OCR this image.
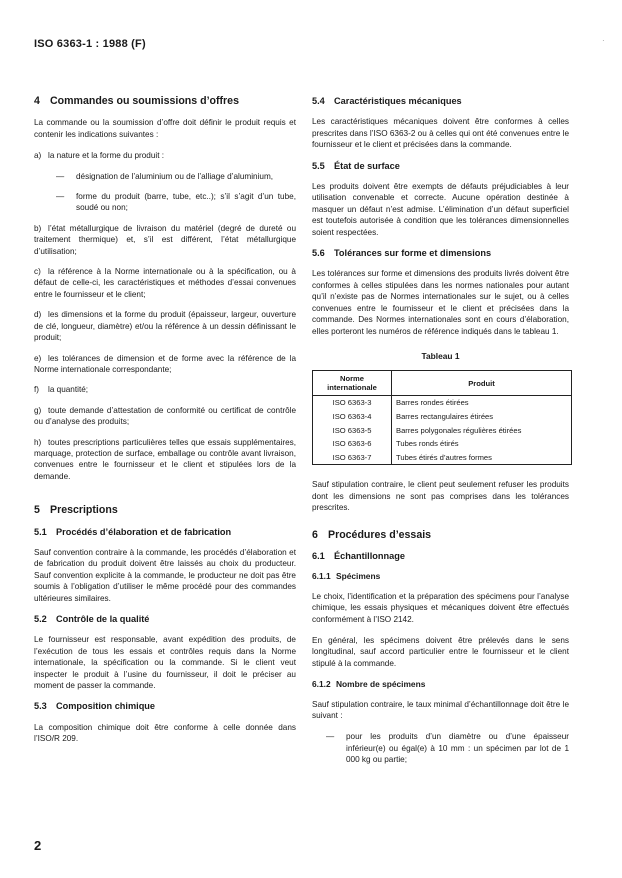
ISO 6363-1 : 1988 (F)	·
4 Commandes ou soumissions d’offres

La commande ou la soumission d’offre doit définir le produit requis et contenir les indications suivantes :

a) la nature et la forme du produit :
—	désignation de l’aluminium ou de l’alliage d’aluminium,
—	forme du produit (barre, tube, etc..); s’il s’agit d’un tube, soudé ou non;
b) l’état métallurgique de livraison du matériel (degré de dureté ou traitement thermique) et, s’il est différent, l’état métallurgique d’utilisation;
c) la référence à la Norme internationale ou à la spécification, ou à défaut de celle-ci, les caractéristiques et méthodes d’essai convenues entre le fournisseur et le client;
d) les dimensions et la forme du produit (épaisseur, largeur, ouverture de clé, longueur, diamètre) et/ou la référence à un dessin définissant le produit;
e) les tolérances de dimension et de forme avec la référence de la Norme internationale correspondante;
f) la quantité;
g) toute demande d’attestation de conformité ou certificat de contrôle ou d’analyse des produits;
h) toutes prescriptions particulières telles que essais supplémentaires, marquage, protection de surface, emballage ou contrôle avant livraison, convenues entre le fournisseur et le client et stipulées lors de la demande.
5 Prescriptions
5.1 Procédés d’élaboration et de fabrication

Sauf convention contraire à la commande, les procédés d’élaboration et de fabrication du produit doivent être laissés au choix du producteur. Sauf convention explicite à la commande, le producteur ne doit pas être soumis à l’obligation d’utiliser le même procédé pour des commandes ultérieures similaires.

5.2 Contrôle de la qualité

Le fournisseur est responsable, avant expédition des produits, de l’exécution de tous les essais et contrôles requis dans la Norme internationale, la spécification ou la commande. Si le client veut inspecter le produit à l’usine du fournisseur, il doit le préciser au moment de passer la commande.

5.3 Composition chimique

La composition chimique doit être conforme à celle donnée dans l’ISO/R 209.

5.4 Caractéristiques mécaniques

Les caractéristiques mécaniques doivent être conformes à celles prescrites dans l’ISO 6363-2 ou à celles qui ont été convenues entre le fournisseur et le client et précisées dans la commande.

5.5 État de surface

Les produits doivent être exempts de défauts préjudiciables à leur utilisation convenable et correcte. Aucune opération destinée à masquer un défaut n’est admise. L’élimination d’un défaut superficiel est toutefois autorisée à condition que les tolérances dimensionnelles soient respectées.

5.6 Tolérances sur forme et dimensions

Les tolérances sur forme et dimensions des produits livrés doivent être conformes à celles stipulées dans les normes nationales pour autant qu’il n’existe pas de Normes internationales sur le sujet, ou à celles convenues entre le fournisseur et le client et précisées dans la commande. Des Normes internationales sont en cours d’élaboration, elles porteront les numéros de référence indiqués dans le tableau 1.

Tableau 1
Norme internationale	Produit
ISO 6363-3	Barres rondes étirées
ISO 6363-4	Barres rectangulaires étirées
ISO 6363-5	Barres polygonales régulières étirées
ISO 6363-6	Tubes ronds étirés
ISO 6363-7	Tubes étirés d’autres formes

Sauf stipulation contraire, le client peut seulement refuser les produits dont les dimensions ne sont pas comprises dans les tolérances prescrites.

6 Procédures d’essais
6.1 Échantillonnage
6.1.1 Spécimens

Le choix, l’identification et la préparation des spécimens pour l’analyse chimique, les essais physiques et mécaniques doivent être effectués conformément à l’ISO 2142.

En général, les spécimens doivent être prélevés dans le sens longitudinal, sauf accord particulier entre le fournisseur et le client stipulé à la commande.

6.1.2 Nombre de spécimens

Sauf stipulation contraire, le taux minimal d’échantillonnage doit être le suivant :

—	pour les produits d’un diamètre ou d’une épaisseur inférieur(e) ou égal(e) à 10 mm : un spécimen par lot de 1 000 kg ou partie;
2
